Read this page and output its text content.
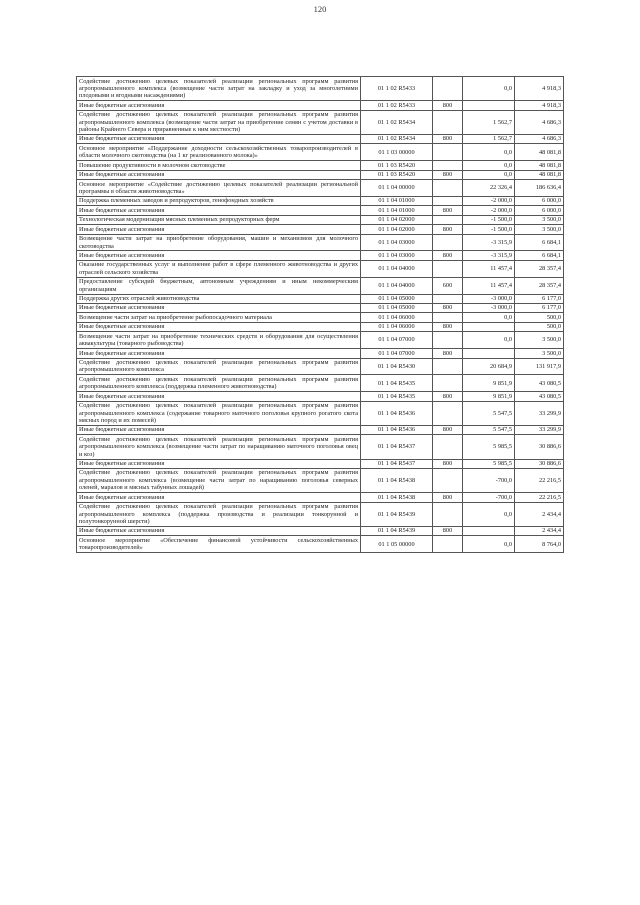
120
Содействие достижению целевых показателей реализации региональных программ развития агропромышленного комплекса (возмещение части затрат на закладку и уход за многолетними плодовыми и ягодными насаждениями)	01 1 02 R5433		0,0	4 918,3
Иные бюджетные ассигнования	01 1 02 R5433	800		4 918,3
Содействие достижению целевых показателей реализации региональных программ развития агропромышленного комплекса (возмещение части затрат на приобретение семян с учетом доставки в районы Крайнего Севера и приравненные к ним местности)	01 1 02 R5434		1 562,7	4 686,3
Иные бюджетные ассигнования	01 1 02 R5434	800	1 562,7	4 686,3
Основное мероприятие «Поддержание доходности сельскохозяйственных товаропроизводителей в области молочного скотоводства (на 1 кг реализованного молока)»	01 1 03 00000		0,0	48 081,8
Повышение продуктивности в молочном скотоводстве	01 1 03 R5420		0,0	48 081,8
Иные бюджетные ассигнования	01 1 03 R5420	800	0,0	48 081,8
Основное мероприятие «Содействие достижению целевых показателей реализации региональной программы в области животноводства»	01 1 04 00000		22 326,4	186 636,4
Поддержка племенных заводов и репродукторов, генофондных хозяйств	01 1 04 01000		-2 000,0	6 000,0
Иные бюджетные ассигнования	01 1 04 01000	800	-2 000,0	6 000,0
Технологическая модернизация мясных племенных репродукторных ферм	01 1 04 02000		-1 500,0	3 500,0
Иные бюджетные ассигнования	01 1 04 02000	800	-1 500,0	3 500,0
Возмещение части затрат на приобретение оборудования, машин и механизмов для молочного скотоводства	01 1 04 03000		-3 315,9	6 684,1
Иные бюджетные ассигнования	01 1 04 03000	800	-3 315,9	6 684,1
Оказание государственных услуг и выполнение работ в сфере племенного животноводства и других отраслей сельского хозяйства	01 1 04 04000		11 457,4	28 357,4
Предоставление субсидий бюджетным, автономным учреждениям и иным некоммерческим организациям	01 1 04 04000	600	11 457,4	28 357,4
Поддержка других отраслей животноводства	01 1 04 05000		-3 000,0	6 177,0
Иные бюджетные ассигнования	01 1 04 05000	800	-3 000,0	6 177,0
Возмещение части затрат на приобретение рыбопосадочного материала	01 1 04 06000		0,0	500,0
Иные бюджетные ассигнования	01 1 04 06000	800		500,0
Возмещение части затрат на приобретение технических средств и оборудования для осуществления аквакультуры (товарного рыбоводства)	01 1 04 07000		0,0	3 500,0
Иные бюджетные ассигнования	01 1 04 07000	800		3 500,0
Содействие достижению целевых показателей реализации региональных программ развития агропромышленного комплекса	01 1 04 R5430		20 684,9	131 917,9
Содействие достижению целевых показателей реализации региональных программ развития агропромышленного комплекса (поддержка племенного животноводства)	01 1 04 R5435		9 851,9	43 080,5
Иные бюджетные ассигнования	01 1 04 R5435	800	9 851,9	43 080,5
Содействие достижению целевых показателей реализации региональных программ развития агропромышленного комплекса (содержание товарного маточного поголовья крупного рогатого скота мясных пород и их помесей)	01 1 04 R5436		5 547,5	33 299,9
Иные бюджетные ассигнования	01 1 04 R5436	800	5 547,5	33 299,9
Содействие достижению целевых показателей реализации региональных программ развития агропромышленного комплекса (возмещение части затрат по наращиванию маточного поголовья овец и коз)	01 1 04 R5437		5 985,5	30 886,6
Иные бюджетные ассигнования	01 1 04 R5437	800	5 985,5	30 886,6
Содействие достижению целевых показателей реализации региональных программ развития агропромышленного комплекса (возмещение части затрат по наращиванию поголовья северных оленей, маралов и мясных табунных лошадей)	01 1 04 R5438		-700,0	22 216,5
Иные бюджетные ассигнования	01 1 04 R5438	800	-700,0	22 216,5
Содействие достижению целевых показателей реализации региональных программ развития агропромышленного комплекса (поддержка производства и реализации тонкорунной и полутонкорунной шерсти)	01 1 04 R5439		0,0	2 434,4
Иные бюджетные ассигнования	01 1 04 R5439	800		2 434,4
Основное мероприятие «Обеспечение финансовой устойчивости сельскохозяйственных товаропроизводителей»	01 1 05 00000		0,0	8 764,0
